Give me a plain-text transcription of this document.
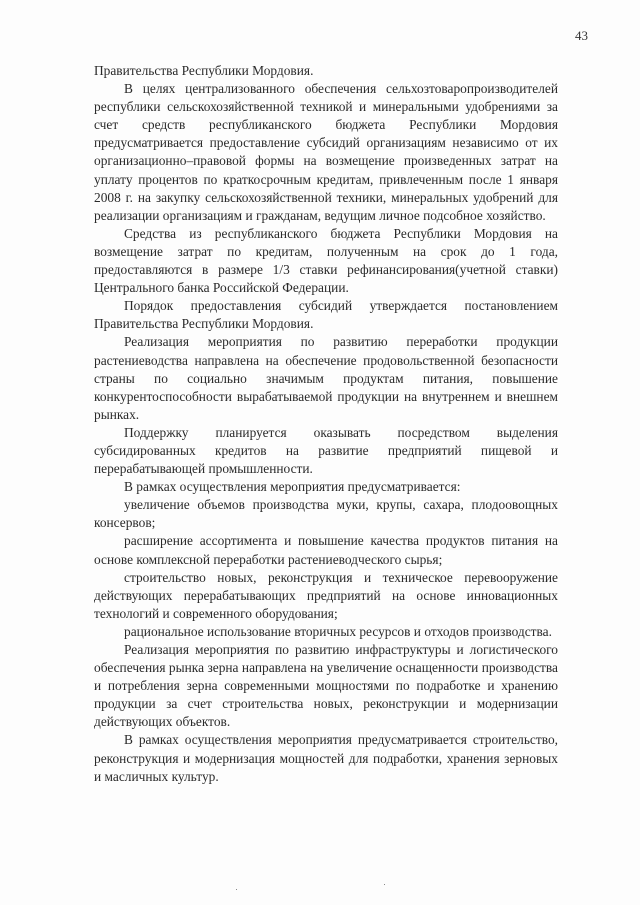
43

Правительства Республики Мордовия.

В целях централизованного обеспечения сельхозтоваропроизводителей республики сельскохозяйственной техникой и минеральными удобрениями за счет средств республиканского бюджета Республики Мордовия предусматривается предоставление субсидий организациям независимо от их организационно–правовой формы на возмещение произведенных затрат на уплату процентов по краткосрочным кредитам, привлеченным после 1 января 2008 г. на закупку сельскохозяйственной техники, минеральных удобрений для реализации организациям и гражданам, ведущим личное подсобное хозяйство.

Средства из республиканского бюджета Республики Мордовия на возмещение затрат по кредитам, полученным на срок до 1 года, предоставляются в размере 1/3 ставки рефинансирования(учетной ставки) Центрального банка Российской Федерации.

Порядок предоставления субсидий утверждается постановлением Правительства Республики Мордовия.

Реализация мероприятия по развитию переработки продукции растениеводства направлена на обеспечение продовольственной безопасности страны по социально значимым продуктам питания, повышение конкурентоспособности вырабатываемой продукции на внутреннем и внешнем рынках.

Поддержку планируется оказывать посредством выделения субсидированных кредитов на развитие предприятий пищевой и перерабатывающей промышленности.

В рамках осуществления мероприятия предусматривается:

увеличение объемов производства муки, крупы, сахара, плодоовощных консервов;

расширение ассортимента и повышение качества продуктов питания на основе комплексной переработки растениеводческого сырья;

строительство новых, реконструкция и техническое перевооружение действующих перерабатывающих предприятий на основе инновационных технологий и современного оборудования;

рациональное использование вторичных ресурсов и отходов производства.

Реализация мероприятия по развитию инфраструктуры и логистического обеспечения рынка зерна направлена на увеличение оснащенности производства и потребления зерна современными мощностями по подработке и хранению продукции за счет строительства новых, реконструкции и модернизации действующих объектов.

В рамках осуществления мероприятия предусматривается строительство, реконструкция и модернизация мощностей для подработки, хранения зерновых и масличных культур.
